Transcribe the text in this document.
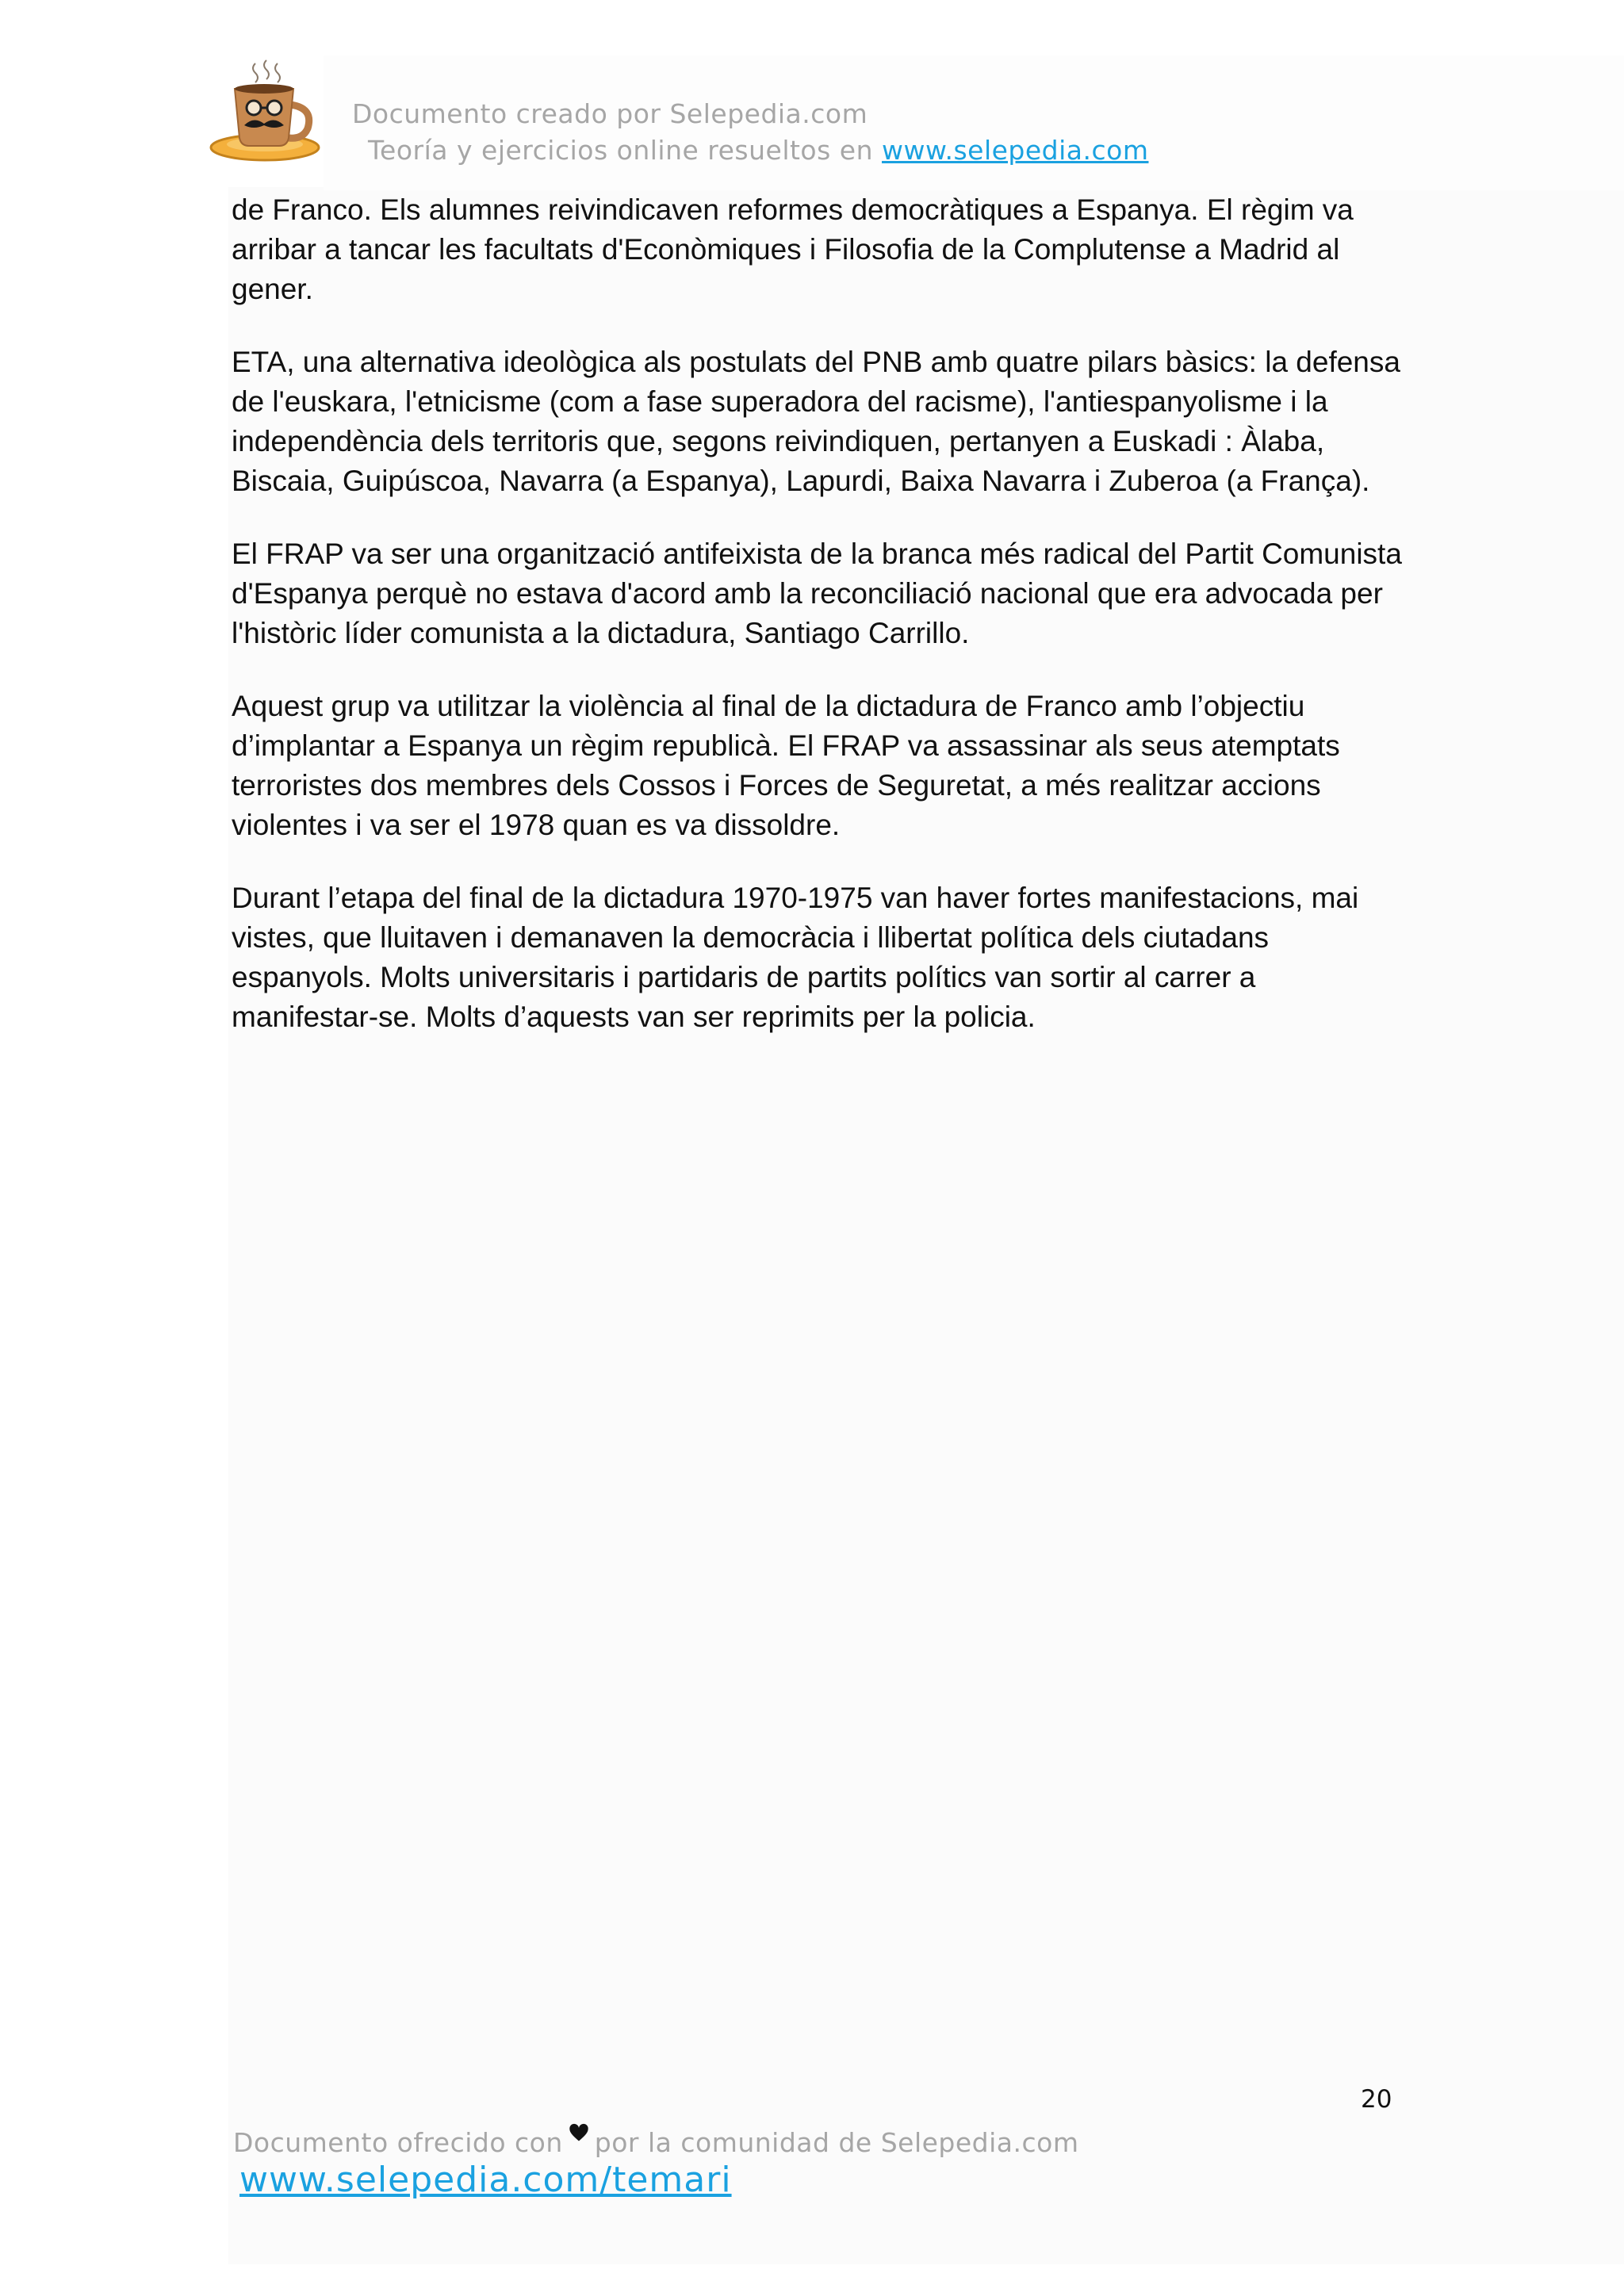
Documento creado por Selepedia.com
Teoría y ejercicios online resueltos en www.selepedia.com

de Franco. Els alumnes reivindicaven reformes democràtiques a Espanya. El règim va arribar a tancar les facultats d'Econòmiques i Filosofia de la Complutense a Madrid al gener.

ETA, una alternativa ideològica als postulats del PNB amb quatre pilars bàsics: la defensa de l'euskara, l'etnicisme (com a fase superadora del racisme), l'antiespanyolisme i la independència dels territoris que, segons reivindiquen, pertanyen a Euskadi : Àlaba, Biscaia, Guipúscoa, Navarra (a Espanya), Lapurdi, Baixa Navarra i Zuberoa (a França).

El FRAP va ser una organització antifeixista de la branca més radical del Partit Comunista d'Espanya perquè no estava d'acord amb la reconciliació nacional que era advocada per l'històric líder comunista a la dictadura, Santiago Carrillo.

Aquest grup va utilitzar la violència al final de la dictadura de Franco amb l’objectiu d’implantar a Espanya un règim republicà. El FRAP va assassinar als seus atemptats terroristes dos membres dels Cossos i Forces de Seguretat, a més realitzar accions violentes i va ser el 1978 quan es va dissoldre.

Durant l’etapa del final de la dictadura 1970-1975 van haver fortes manifestacions, mai vistes, que lluitaven i demanaven la democràcia i llibertat política dels ciutadans espanyols. Molts universitaris i partidaris de partits polítics van sortir al carrer a manifestar-se. Molts d’aquests van ser reprimits per la policia.

20
Documento ofrecido con por la comunidad de Selepedia.com
www.selepedia.com/temari
